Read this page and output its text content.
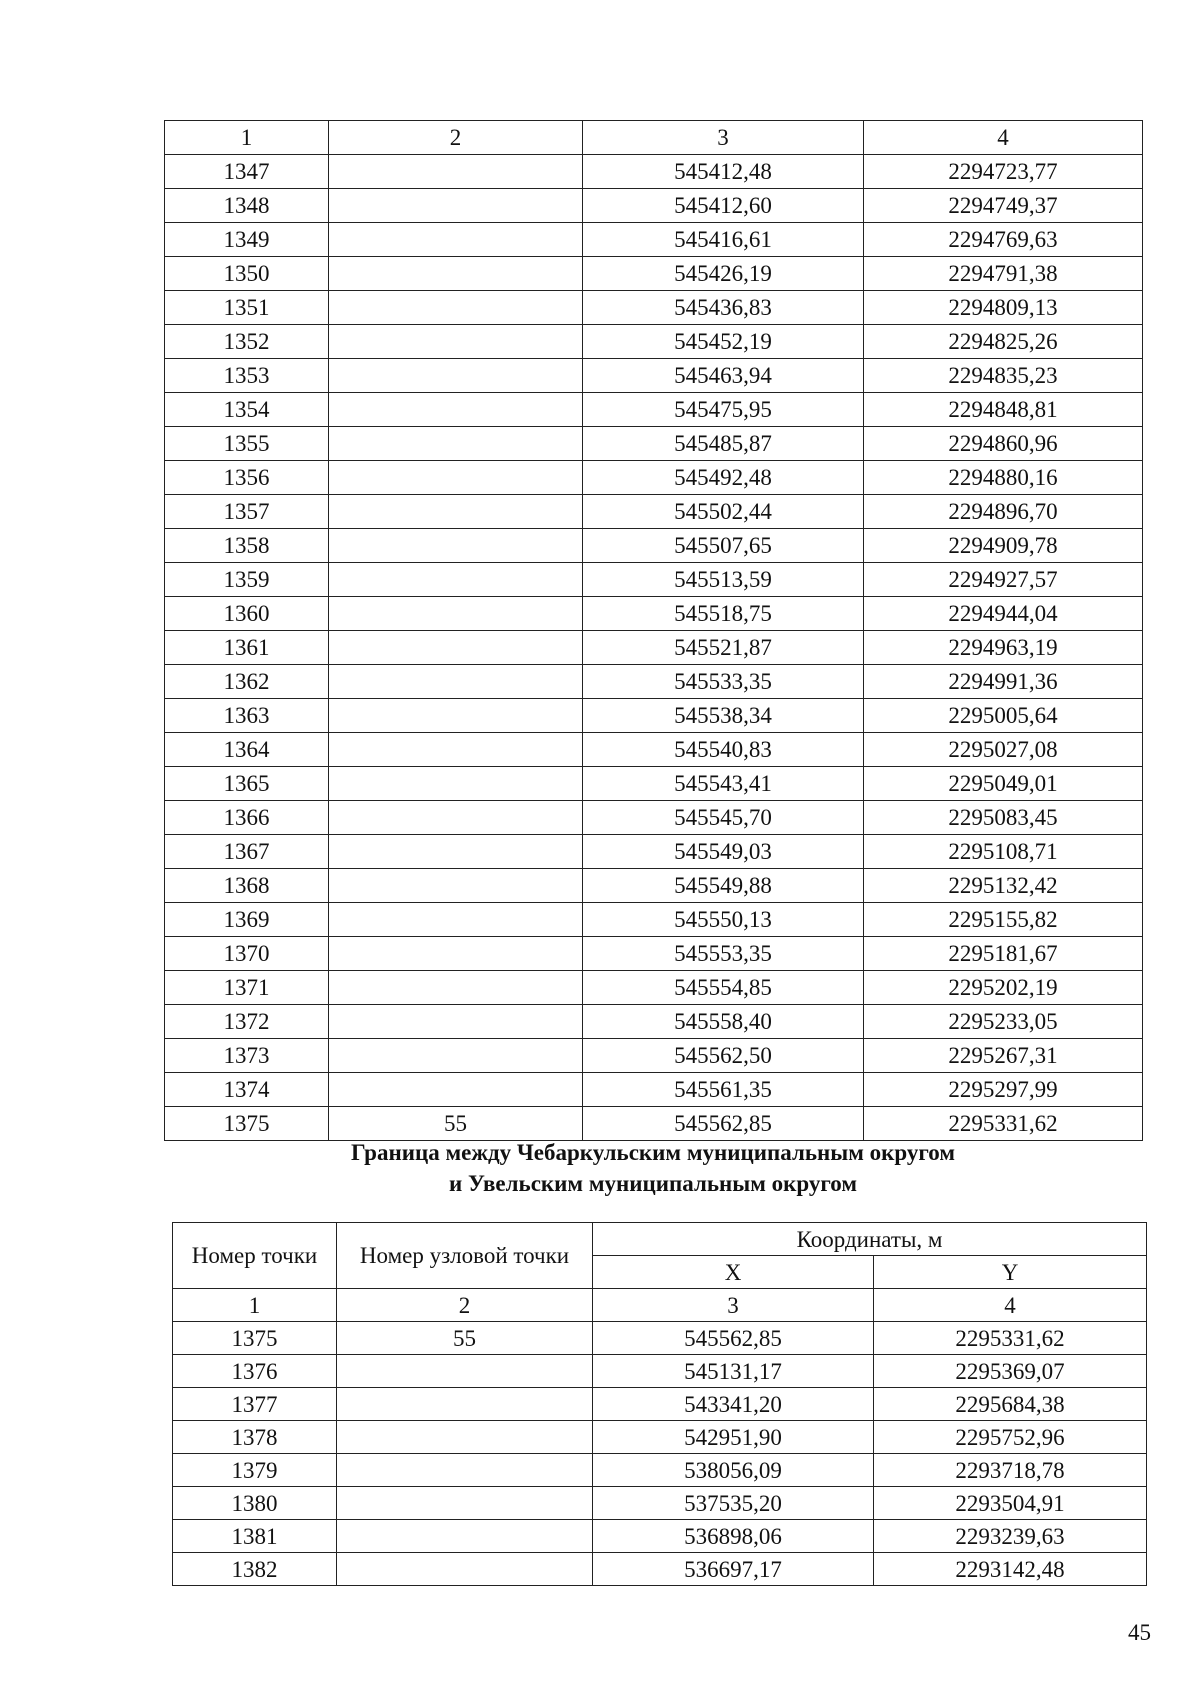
1	2	3	4
1347		545412,48	2294723,77
1348		545412,60	2294749,37
1349		545416,61	2294769,63
1350		545426,19	2294791,38
1351		545436,83	2294809,13
1352		545452,19	2294825,26
1353		545463,94	2294835,23
1354		545475,95	2294848,81
1355		545485,87	2294860,96
1356		545492,48	2294880,16
1357		545502,44	2294896,70
1358		545507,65	2294909,78
1359		545513,59	2294927,57
1360		545518,75	2294944,04
1361		545521,87	2294963,19
1362		545533,35	2294991,36
1363		545538,34	2295005,64
1364		545540,83	2295027,08
1365		545543,41	2295049,01
1366		545545,70	2295083,45
1367		545549,03	2295108,71
1368		545549,88	2295132,42
1369		545550,13	2295155,82
1370		545553,35	2295181,67
1371		545554,85	2295202,19
1372		545558,40	2295233,05
1373		545562,50	2295267,31
1374		545561,35	2295297,99
1375	55	545562,85	2295331,62
Граница между Чебаркульским муниципальным округом
и Увельским муниципальным округом
Номер точки	Номер узловой точки	Координаты, м	
		X	Y
1	2	3	4
1375	55	545562,85	2295331,62
1376		545131,17	2295369,07
1377		543341,20	2295684,38
1378		542951,90	2295752,96
1379		538056,09	2293718,78
1380		537535,20	2293504,91
1381		536898,06	2293239,63
1382		536697,17	2293142,48
45
